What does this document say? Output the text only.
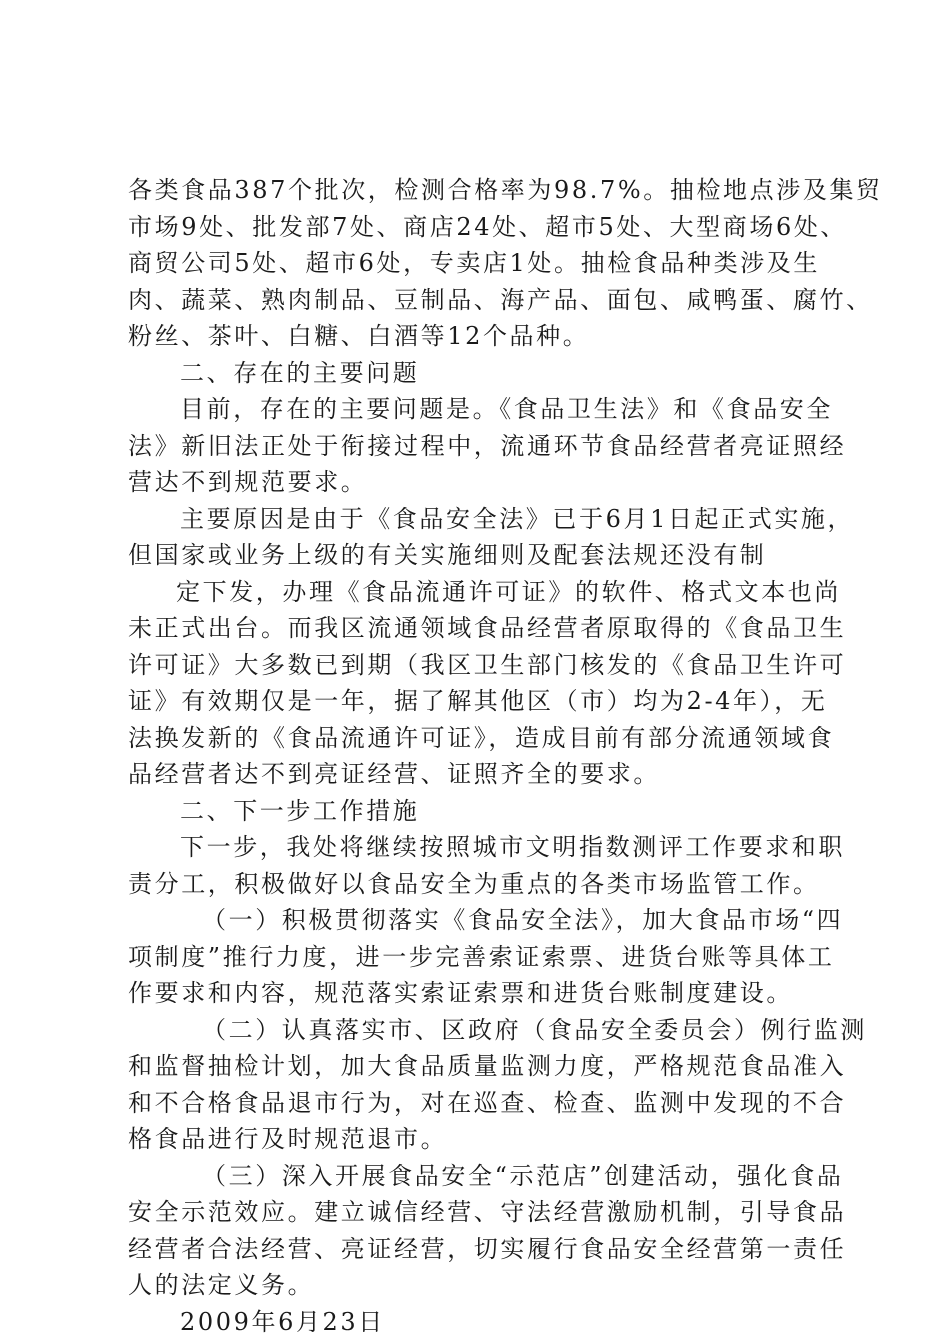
各类食品387个批次，检测合格率为98.7%。抽检地点涉及集贸
市场9处、批发部7处、商店24处、超市5处、大型商场6处、
商贸公司5处、超市6处，专卖店1处。抽检食品种类涉及生
肉、蔬菜、熟肉制品、豆制品、海产品、面包、咸鸭蛋、腐竹、
粉丝、茶叶、白糖、白酒等12个品种。
二、存在的主要问题
目前，存在的主要问题是。《食品卫生法》和《食品安全
法》新旧法正处于衔接过程中，流通环节食品经营者亮证照经
营达不到规范要求。
主要原因是由于《食品安全法》已于6月1日起正式实施，
但国家或业务上级的有关实施细则及配套法规还没有制
定下发，办理《食品流通许可证》的软件、格式文本也尚
未正式出台。而我区流通领域食品经营者原取得的《食品卫生
许可证》大多数已到期（我区卫生部门核发的《食品卫生许可
证》有效期仅是一年，据了解其他区（市）均为2-4年），无
法换发新的《食品流通许可证》，造成目前有部分流通领域食
品经营者达不到亮证经营、证照齐全的要求。
二、下一步工作措施
下一步，我处将继续按照城市文明指数测评工作要求和职
责分工，积极做好以食品安全为重点的各类市场监管工作。
（一）积极贯彻落实《食品安全法》，加大食品市场“四
项制度”推行力度，进一步完善索证索票、进货台账等具体工
作要求和内容，规范落实索证索票和进货台账制度建设。
（二）认真落实市、区政府（食品安全委员会）例行监测
和监督抽检计划，加大食品质量监测力度，严格规范食品准入
和不合格食品退市行为，对在巡查、检查、监测中发现的不合
格食品进行及时规范退市。
（三）深入开展食品安全“示范店”创建活动，强化食品
安全示范效应。建立诚信经营、守法经营激励机制，引导食品
经营者合法经营、亮证经营，切实履行食品安全经营第一责任
人的法定义务。
2009年6月23日
